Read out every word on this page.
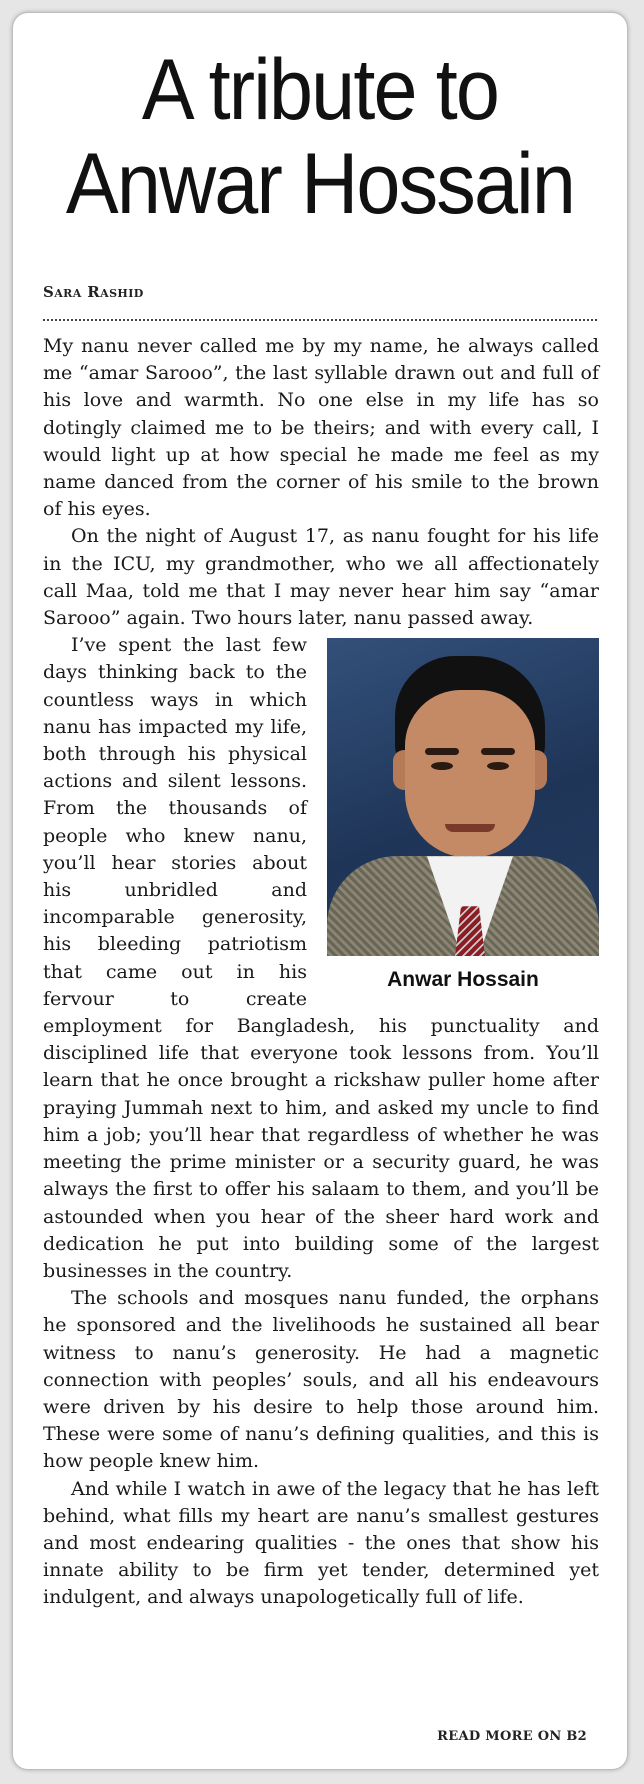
A tribute to
Anwar Hossain
Sara Rashid

My nanu never called me by my name, he always called me “amar Sarooo”, the last syllable drawn out and full of his love and warmth. No one else in my life has so dotingly claimed me to be theirs; and with every call, I would light up at how special he made me feel as my name danced from the corner of his smile to the brown of his eyes.

On the night of August 17, as nanu fought for his life in the ICU, my grandmother, who we all affectionately call Maa, told me that I may never hear him say “amar Sarooo” again. Two hours later, nanu passed away.

Anwar Hossain

I’ve spent the last few days thinking back to the countless ways in which nanu has impacted my life, both through his physical actions and silent lessons. From the thousands of people who knew nanu, you’ll hear stories about his unbridled and incomparable generosity, his bleeding patriotism that came out in his fervour to create employment for Bangladesh, his punctuality and disciplined life that everyone took lessons from. You’ll learn that he once brought a rickshaw puller home after praying Jummah next to him, and asked my uncle to find him a job; you’ll hear that regardless of whether he was meeting the prime minister or a security guard, he was always the first to offer his salaam to them, and you’ll be astounded when you hear of the sheer hard work and dedication he put into building some of the largest businesses in the country.

The schools and mosques nanu funded, the orphans he sponsored and the livelihoods he sustained all bear witness to nanu’s generosity. He had a magnetic connection with peoples’ souls, and all his endeavours were driven by his desire to help those around him. These were some of nanu’s defining qualities, and this is how people knew him.

And while I watch in awe of the legacy that he has left behind, what fills my heart are nanu’s smallest gestures and most endearing qualities - the ones that show his innate ability to be firm yet tender, determined yet indulgent, and always unapologetically full of life.

READ MORE ON B2
